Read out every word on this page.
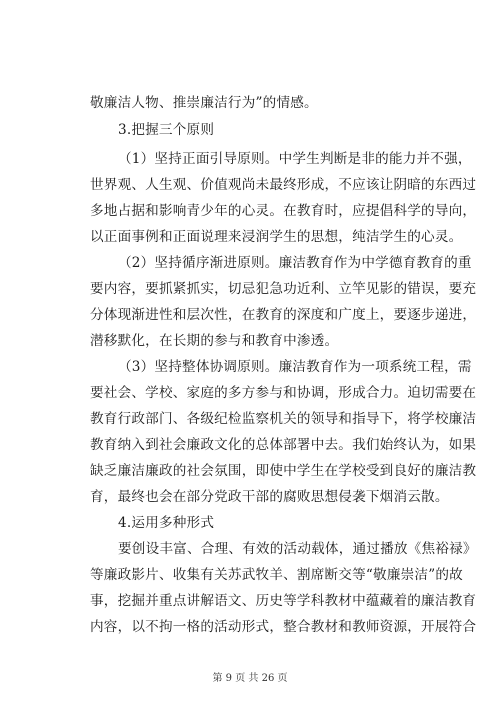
敬廉洁人物、推崇廉洁行为”的情感。
3.把握三个原则
（1）坚持正面引导原则。中学生判断是非的能力并不强，
世界观、人生观、价值观尚未最终形成，不应该让阴暗的东西过
多地占据和影响青少年的心灵。在教育时，应提倡科学的导向，
以正面事例和正面说理来浸润学生的思想，纯洁学生的心灵。
（2）坚持循序渐进原则。廉洁教育作为中学德育教育的重
要内容，要抓紧抓实，切忌犯急功近利、立竿见影的错误，要充
分体现渐进性和层次性，在教育的深度和广度上，要逐步递进，
潜移默化，在长期的参与和教育中渗透。
（3）坚持整体协调原则。廉洁教育作为一项系统工程，需
要社会、学校、家庭的多方参与和协调，形成合力。迫切需要在
教育行政部门、各级纪检监察机关的领导和指导下，将学校廉洁
教育纳入到社会廉政文化的总体部署中去。我们始终认为，如果
缺乏廉洁廉政的社会氛围，即使中学生在学校受到良好的廉洁教
育，最终也会在部分党政干部的腐败思想侵袭下烟消云散。
4.运用多种形式
要创设丰富、合理、有效的活动载体，通过播放《焦裕禄》
等廉政影片、收集有关苏武牧羊、割席断交等“敬廉崇洁”的故
事，挖掘并重点讲解语文、历史等学科教材中蕴藏着的廉洁教育
内容，以不拘一格的活动形式，整合教材和教师资源，开展符合
第 9 页 共 26 页
